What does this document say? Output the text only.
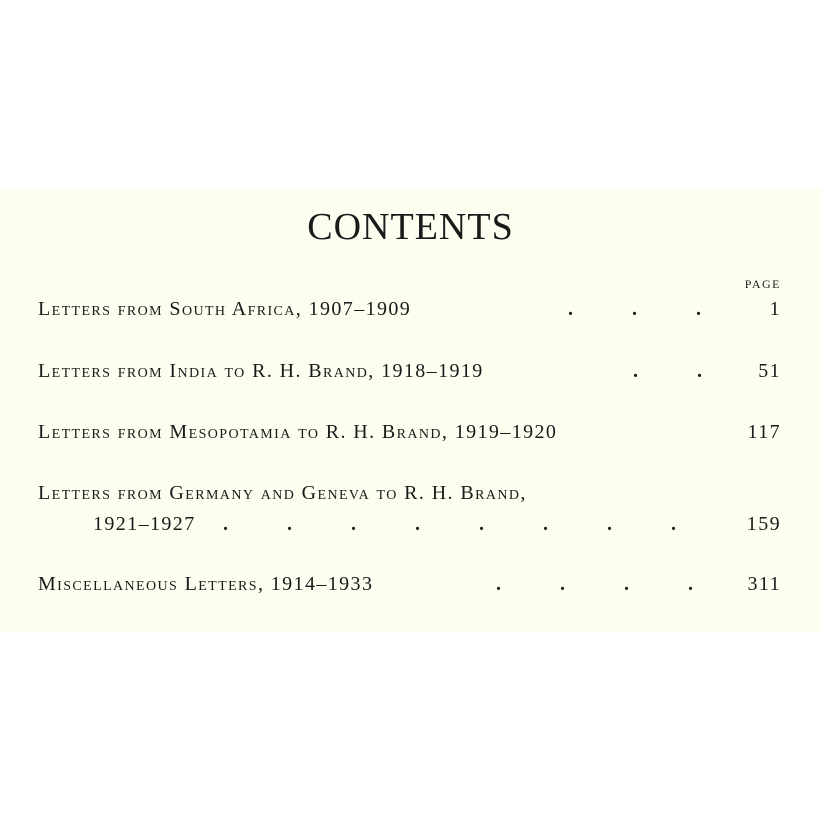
CONTENTS
PAGE
Letters from South Africa, 1907–1909	.         .         .	1
Letters from India to R. H. Brand, 1918–1919	.         .	51
Letters from Mesopotamia to R. H. Brand, 1919–1920	117
Letters from Germany and Geneva to R. H. Brand,
1921–1927 .         .         .         .         .         .         .         .	159
Miscellaneous Letters, 1914–1933	.         .         .         .	311
